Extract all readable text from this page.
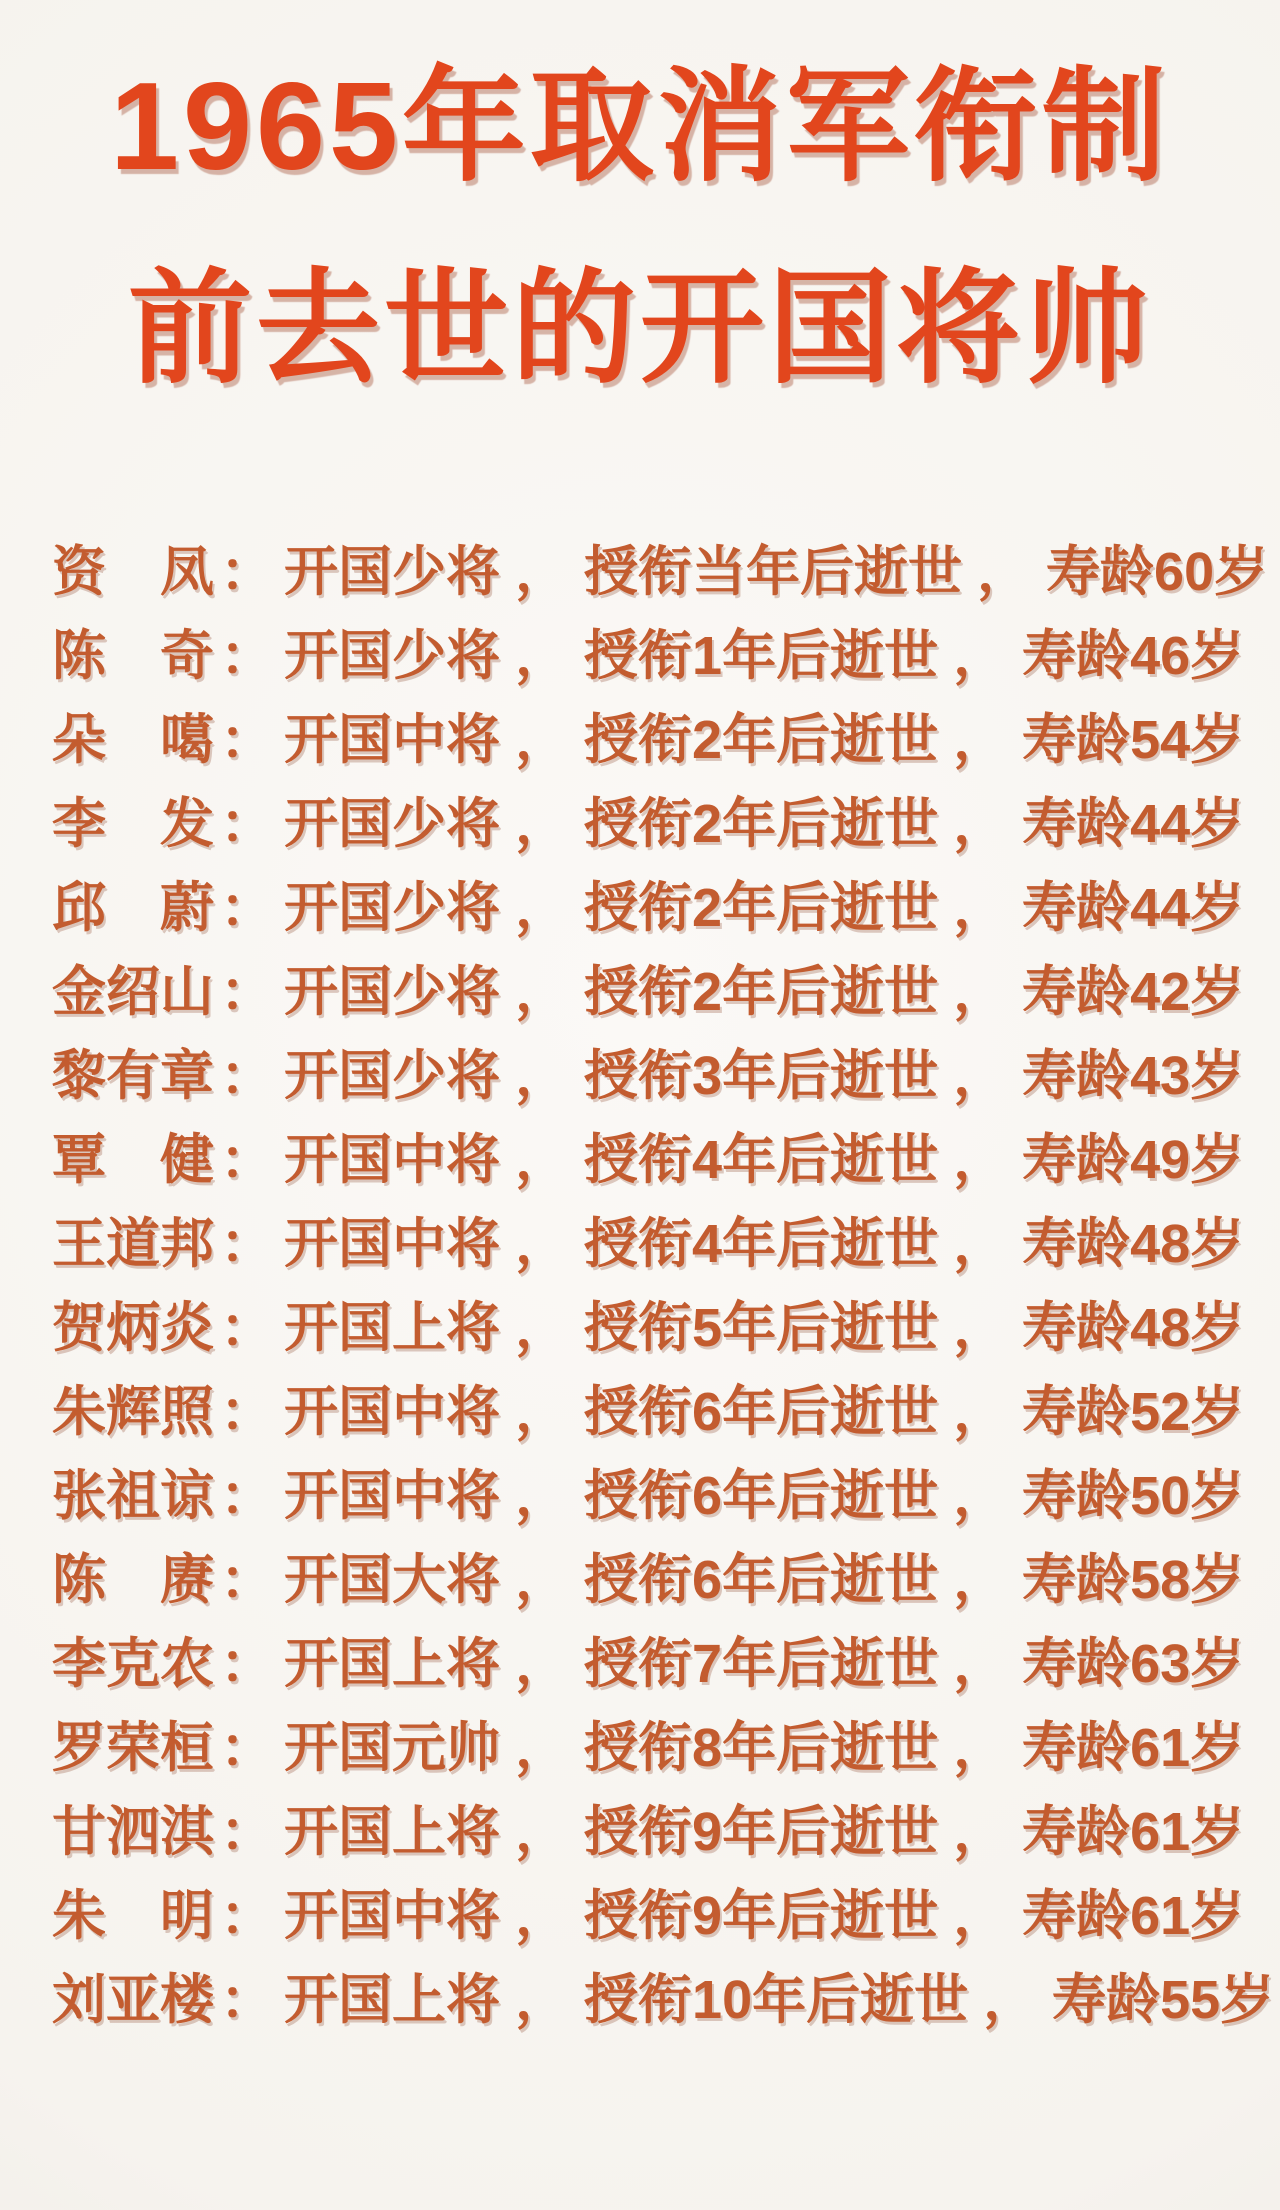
1965年取消军衔制
前去世的开国将帅
资　凤 ： 开国少将 ， 授衔当年后逝世 ， 寿龄60岁
陈　奇 ： 开国少将 ， 授衔1年后逝世 ， 寿龄46岁
朵　噶 ： 开国中将 ， 授衔2年后逝世 ， 寿龄54岁
李　发 ： 开国少将 ， 授衔2年后逝世 ， 寿龄44岁
邱　蔚 ： 开国少将 ， 授衔2年后逝世 ， 寿龄44岁
金绍山 ： 开国少将 ， 授衔2年后逝世 ， 寿龄42岁
黎有章 ： 开国少将 ， 授衔3年后逝世 ， 寿龄43岁
覃　健 ： 开国中将 ， 授衔4年后逝世 ， 寿龄49岁
王道邦 ： 开国中将 ， 授衔4年后逝世 ， 寿龄48岁
贺炳炎 ： 开国上将 ， 授衔5年后逝世 ， 寿龄48岁
朱辉照 ： 开国中将 ， 授衔6年后逝世 ， 寿龄52岁
张祖谅 ： 开国中将 ， 授衔6年后逝世 ， 寿龄50岁
陈　赓 ： 开国大将 ， 授衔6年后逝世 ， 寿龄58岁
李克农 ： 开国上将 ， 授衔7年后逝世 ， 寿龄63岁
罗荣桓 ： 开国元帅 ， 授衔8年后逝世 ， 寿龄61岁
甘泗淇 ： 开国上将 ， 授衔9年后逝世 ， 寿龄61岁
朱　明 ： 开国中将 ， 授衔9年后逝世 ， 寿龄61岁
刘亚楼 ： 开国上将 ， 授衔10年后逝世 ， 寿龄55岁
